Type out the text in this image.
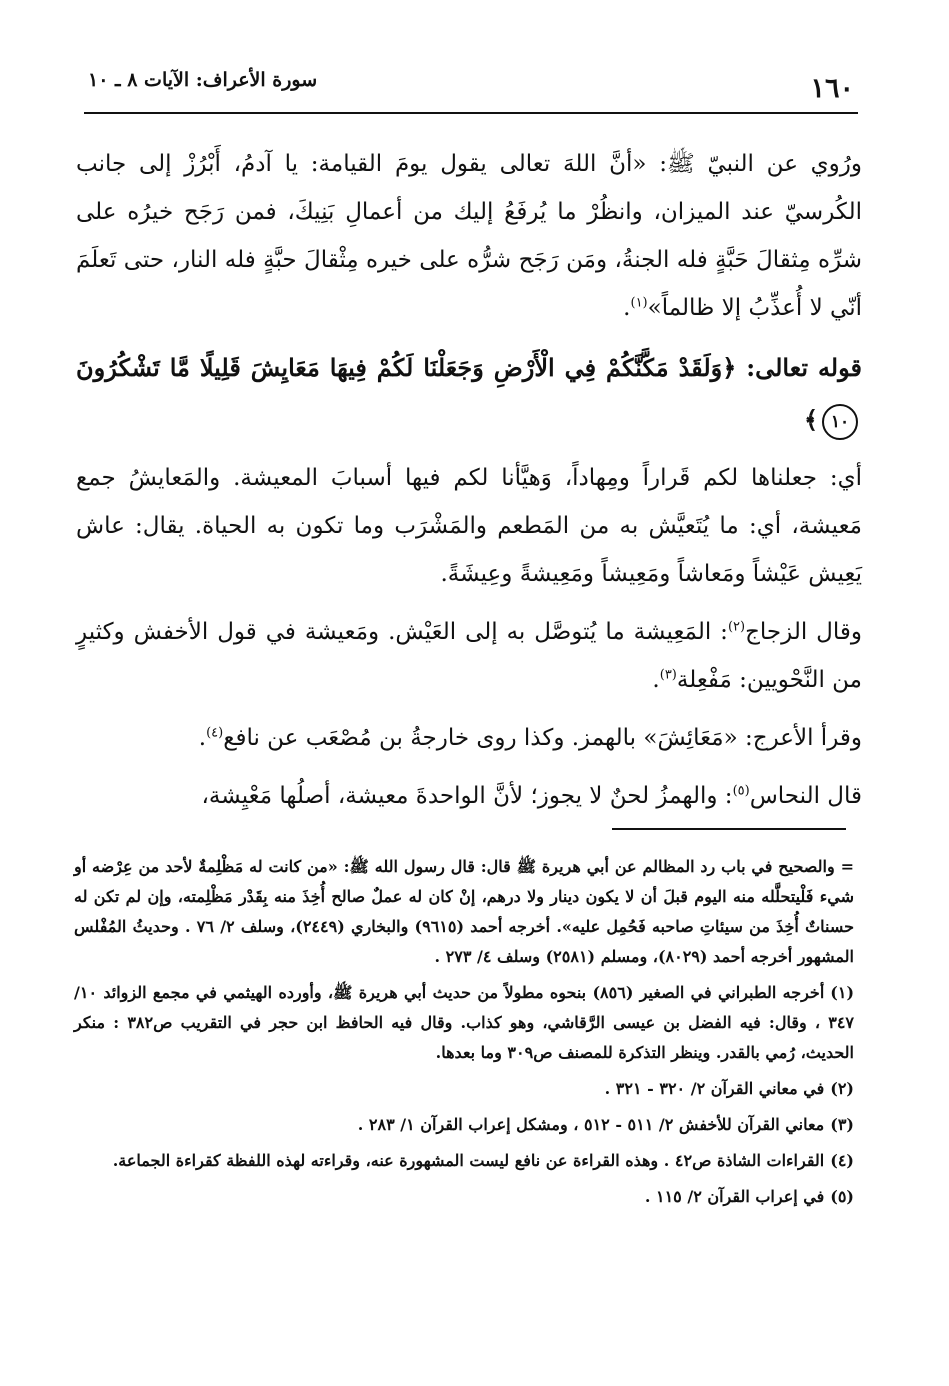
١٦٠
سورة الأعراف: الآيات ٨ ـ ١٠

ورُوي عن النبيّ ﷺ: «أنَّ اللهَ تعالى يقول يومَ القيامة: يا آدمُ، أَبْرُزْ إلى جانب الكُرسيّ عند الميزان، وانظُرْ ما يُرفَعُ إليك من أعمالِ بَنِيكَ، فمن رَجَح خيرُه على شرِّه مِثقالَ حَبَّةٍ فله الجنةُ، ومَن رَجَح شرُّه على خيره مِثْقالَ حبَّةٍ فله النار، حتى تَعلَمَ أنّي لا أُعذِّبُ إلا ظالماً»$^{(١)}$.

قوله تعالى: ﴿وَلَقَدْ مَكَّنَّكُمْ فِي الْأَرْضِ وَجَعَلْنَا لَكُمْ فِيهَا مَعَايِشَ قَلِيلًا مَّا تَشْكُرُونَ ١٠﴾

أي: جعلناها لكم قَراراً ومِهاداً، وَهيَّأنا لكم فيها أسبابَ المعيشة. والمَعايشُ جمع مَعيشة، أي: ما يُتَعيَّش به من المَطعم والمَشْرَب وما تكون به الحياة. يقال: عاش يَعِيش عَيْشاً ومَعاشاً ومَعِيشاً ومَعِيشةً وعِيشَةً.

وقال الزجاج$^{(٢)}$: المَعِيشة ما يُتوصَّل به إلى العَيْش. ومَعيشة في قول الأخفش وكثيرٍ من النَّحْويين: مَفْعِلة$^{(٣)}$.

وقرأ الأعرج: «مَعَائِشَ» بالهمز. وكذا روى خارجةُ بن مُصْعَب عن نافع$^{(٤)}$.

قال النحاس$^{(٥)}$: والهمزُ لحنٌ لا يجوز؛ لأنَّ الواحدةَ معيشة، أصلُها مَعْيِشة،

= والصحيح في باب رد المظالم عن أبي هريرة ﷺ قال: قال رسول الله ﷺ: «من كانت له مَظْلِمةٌ لأحد من عِرْضه أو شيء فَلْيتحلَّله منه اليوم قبلَ أن لا يكون دينار ولا درهم، إنْ كان له عملٌ صالح أُخِذَ منه بِقَدْر مَظْلِمته، وإن لم تكن له حسناتٌ أُخِذَ من سيئاتِ صاحبه فَحُمِل عليه». أخرجه أحمد (٩٦١٥) والبخاري (٢٤٤٩)، وسلف ٢/ ٧٦ . وحديثُ المُفْلس المشهور أخرجه أحمد (٨٠٢٩)، ومسلم (٢٥٨١) وسلف ٤/ ٢٧٣ .
(١)أخرجه الطبراني في الصغير (٨٥٦) بنحوه مطولاً من حديث أبي هريرة ﷺ، وأورده الهيثمي في مجمع الزوائد ١٠/ ٣٤٧ ، وقال: فيه الفضل بن عيسى الرَّقاشي، وهو كذاب. وقال فيه الحافظ ابن حجر في التقريب ص٣٨٢ : منكر الحديث، رُمي بالقدر. وينظر التذكرة للمصنف ص٣٠٩ وما بعدها.
(٢)في معاني القرآن ٢/ ٣٢٠ - ٣٢١ .
(٣)معاني القرآن للأخفش ٢/ ٥١١ - ٥١٢ ، ومشكل إعراب القرآن ١/ ٢٨٣ .
(٤)القراءات الشاذة ص٤٢ . وهذه القراءة عن نافع ليست المشهورة عنه، وقراءته لهذه اللفظة كقراءة الجماعة.
(٥)في إعراب القرآن ٢/ ١١٥ .
